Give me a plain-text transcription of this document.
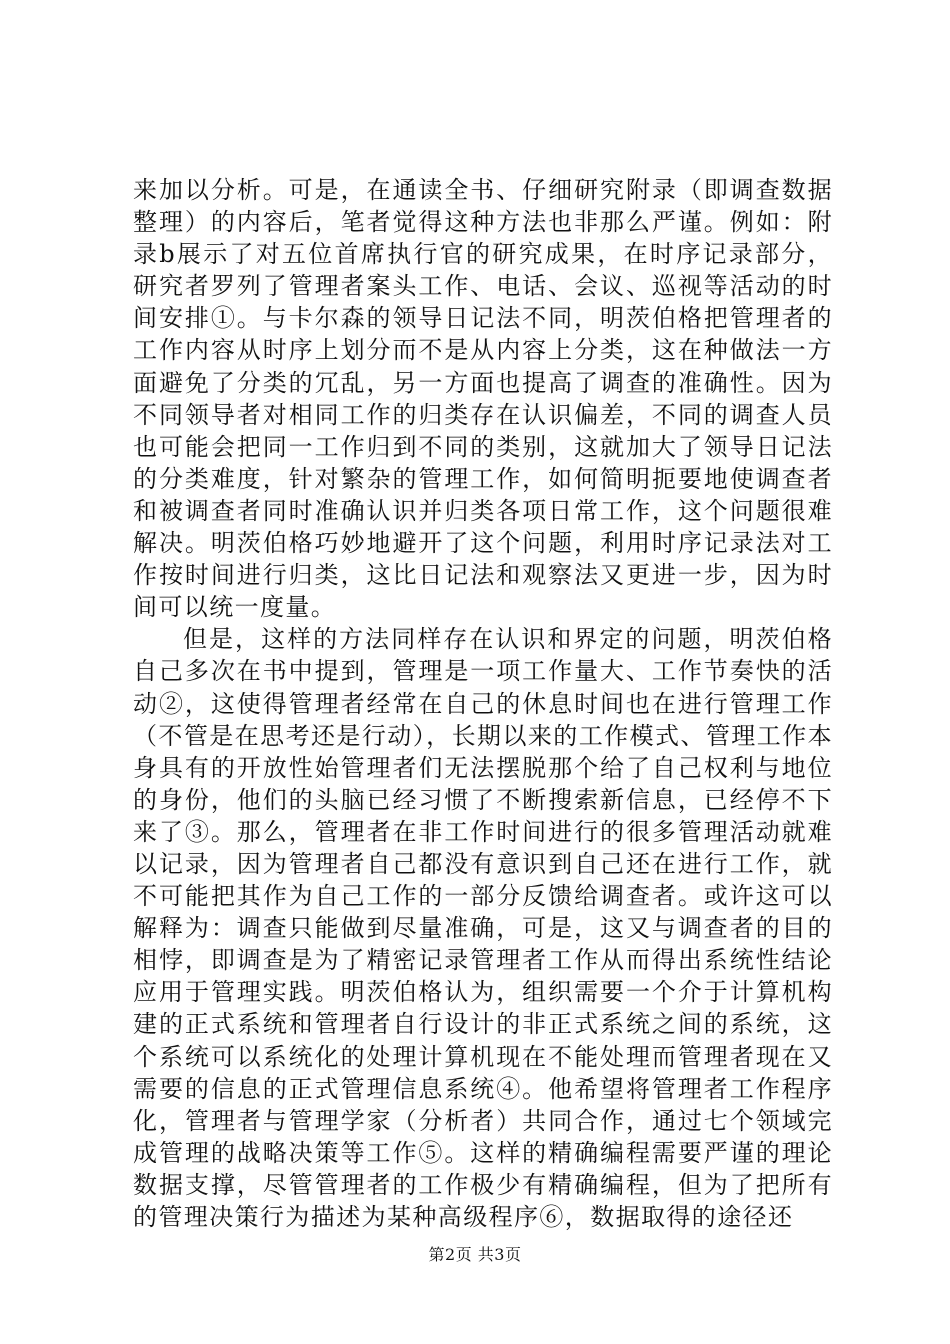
来加以分析。可是，在通读全书、仔细研究附录（即调查数据整理）的内容后，笔者觉得这种方法也非那么严谨。例如：附录b展示了对五位首席执行官的研究成果，在时序记录部分，研究者罗列了管理者案头工作、电话、会议、巡视等活动的时间安排①。与卡尔森的领导日记法不同，明茨伯格把管理者的工作内容从时序上划分而不是从内容上分类，这在种做法一方面避免了分类的冗乱，另一方面也提高了调查的准确性。因为不同领导者对相同工作的归类存在认识偏差，不同的调查人员也可能会把同一工作归到不同的类别，这就加大了领导日记法的分类难度，针对繁杂的管理工作，如何简明扼要地使调查者和被调查者同时准确认识并归类各项日常工作，这个问题很难解决。明茨伯格巧妙地避开了这个问题，利用时序记录法对工作按时间进行归类，这比日记法和观察法又更进一步，因为时间可以统一度量。

但是，这样的方法同样存在认识和界定的问题，明茨伯格自己多次在书中提到，管理是一项工作量大、工作节奏快的活动②，这使得管理者经常在自己的休息时间也在进行管理工作（不管是在思考还是行动），长期以来的工作模式、管理工作本身具有的开放性始管理者们无法摆脱那个给了自己权利与地位的身份，他们的头脑已经习惯了不断搜索新信息，已经停不下来了③。那么，管理者在非工作时间进行的很多管理活动就难以记录，因为管理者自己都没有意识到自己还在进行工作，就不可能把其作为自己工作的一部分反馈给调查者。或许这可以解释为：调查只能做到尽量准确，可是，这又与调查者的目的相悖，即调查是为了精密记录管理者工作从而得出系统性结论应用于管理实践。明茨伯格认为，组织需要一个介于计算机构建的正式系统和管理者自行设计的非正式系统之间的系统，这个系统可以系统化的处理计算机现在不能处理而管理者现在又需要的信息的正式管理信息系统④。他希望将管理者工作程序化，管理者与管理学家（分析者）共同合作，通过七个领域完成管理的战略决策等工作⑤。这样的精确编程需要严谨的理论数据支撑，尽管管理者的工作极少有精确编程，但为了把所有的管理决策行为描述为某种高级程序⑥，数据取得的途径还

第2页 共3页
